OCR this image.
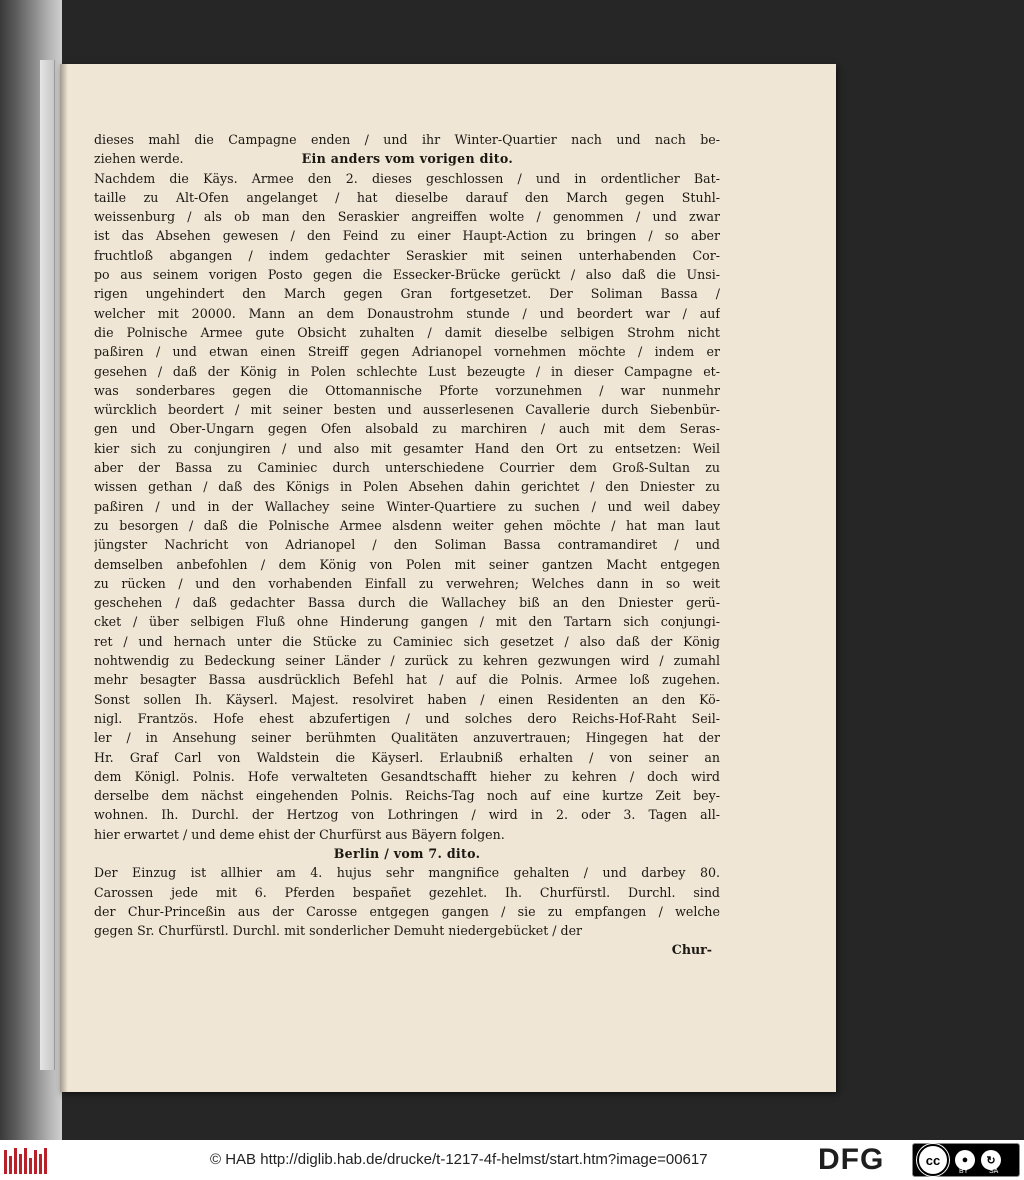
dieses mahl die Campagne enden / und ihr Winter-Quartier nach und nach be-
ziehen werde.	Ein anders vom vorigen dito.
Nachdem die Käys. Armee den 2. dieses geschlossen / und in ordentlicher Bat-
taille zu Alt-Ofen angelanget / hat dieselbe darauf den March gegen Stuhl-
weissenburg / als ob man den Seraskier angreiffen wolte / genommen / und zwar
ist das Absehen gewesen / den Feind zu einer Haupt-Action zu bringen / so aber
fruchtloß abgangen / indem gedachter Seraskier mit seinen unterhabenden Cor-
po aus seinem vorigen Posto gegen die Essecker-Brücke gerückt / also daß die Unsi-
rigen ungehindert den March gegen Gran fortgesetzet. Der Soliman Bassa /
welcher mit 20000. Mann an dem Donaustrohm stunde / und beordert war / auf
die Polnische Armee gute Obsicht zuhalten / damit dieselbe selbigen Strohm nicht
paßiren / und etwan einen Streiff gegen Adrianopel vornehmen möchte / indem er
gesehen / daß der König in Polen schlechte Lust bezeugte / in dieser Campagne et-
was sonderbares gegen die Ottomannische Pforte vorzunehmen / war nunmehr
würcklich beordert / mit seiner besten und ausserlesenen Cavallerie durch Siebenbür-
gen und Ober-Ungarn gegen Ofen alsobald zu marchiren / auch mit dem Seras-
kier sich zu conjungiren / und also mit gesamter Hand den Ort zu entsetzen: Weil
aber der Bassa zu Caminiec durch unterschiedene Courrier dem Groß-Sultan zu
wissen gethan / daß des Königs in Polen Absehen dahin gerichtet / den Dniester zu
paßiren / und in der Wallachey seine Winter-Quartiere zu suchen / und weil dabey
zu besorgen / daß die Polnische Armee alsdenn weiter gehen möchte / hat man laut
jüngster Nachricht von Adrianopel / den Soliman Bassa contramandiret / und
demselben anbefohlen / dem König von Polen mit seiner gantzen Macht entgegen
zu rücken / und den vorhabenden Einfall zu verwehren; Welches dann in so weit
geschehen / daß gedachter Bassa durch die Wallachey biß an den Dniester gerü-
cket / über selbigen Fluß ohne Hinderung gangen / mit den Tartarn sich conjungi-
ret / und hernach unter die Stücke zu Caminiec sich gesetzet / also daß der König
nohtwendig zu Bedeckung seiner Länder / zurück zu kehren gezwungen wird / zumahl
mehr besagter Bassa ausdrücklich Befehl hat / auf die Polnis. Armee loß zugehen.
Sonst sollen Ih. Käyserl. Majest. resolviret haben / einen Residenten an den Kö-
nigl. Frantzös. Hofe ehest abzufertigen / und solches dero Reichs-Hof-Raht Seil-
ler / in Ansehung seiner berühmten Qualitäten anzuvertrauen; Hingegen hat der
Hr. Graf Carl von Waldstein die Käyserl. Erlaubniß erhalten / von seiner an
dem Königl. Polnis. Hofe verwalteten Gesandtschafft hieher zu kehren / doch wird
derselbe dem nächst eingehenden Polnis. Reichs-Tag noch auf eine kurtze Zeit bey-
wohnen. Ih. Durchl. der Hertzog von Lothringen / wird in 2. oder 3. Tagen all-
hier erwartet / und deme ehist der Churfürst aus Bäyern folgen.
Berlin / vom 7. dito.
Der Einzug ist allhier am 4. hujus sehr mangnifice gehalten / und darbey 80.
Carossen jede mit 6. Pferden bespañet gezehlet. Ih. Churfürstl. Durchl. sind
der Chur-Princeßin aus der Carosse entgegen gangen / sie zu empfangen / welche
gegen Sr. Churfürstl. Durchl. mit sonderlicher Demuht niedergebücket / der
Chur-
© HAB http://diglib.hab.de/drucke/t-1217-4f-helmst/start.htm?image=00617	DFG	cc	●	↻
BY	SA
